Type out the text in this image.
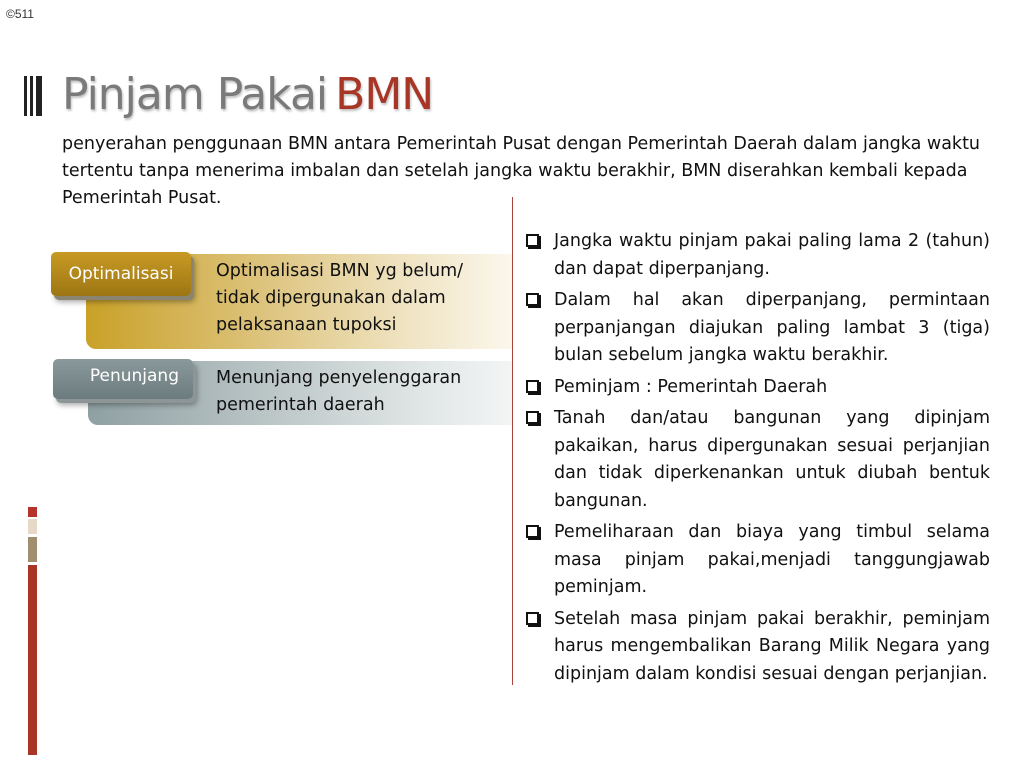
©511
Pinjam Pakai BMN
penyerahan penggunaan BMN antara Pemerintah Pusat dengan Pemerintah Daerah dalam jangka waktu tertentu tanpa menerima imbalan dan setelah jangka waktu berakhir, BMN diserahkan kembali kepada Pemerintah Pusat.
Optimalisasi	Optimalisasi BMN yg belum/ tidak dipergunakan dalam pelaksanaan tupoksi
Penunjang	Menunjang penyelenggaran pemerintah daerah
Jangka waktu pinjam pakai paling lama 2 (tahun) dan dapat diperpanjang.
Dalam hal akan diperpanjang, permintaan perpanjangan diajukan paling lambat 3 (tiga) bulan sebelum jangka waktu berakhir.
Peminjam : Pemerintah Daerah
Tanah dan/atau bangunan yang dipinjam pakaikan, harus dipergunakan sesuai perjanjian dan tidak diperkenankan untuk diubah bentuk bangunan.
Pemeliharaan dan biaya yang timbul selama masa pinjam pakai,menjadi tanggungjawab peminjam.
Setelah masa pinjam pakai berakhir, peminjam harus mengembalikan Barang Milik Negara yang dipinjam dalam kondisi sesuai dengan perjanjian.
